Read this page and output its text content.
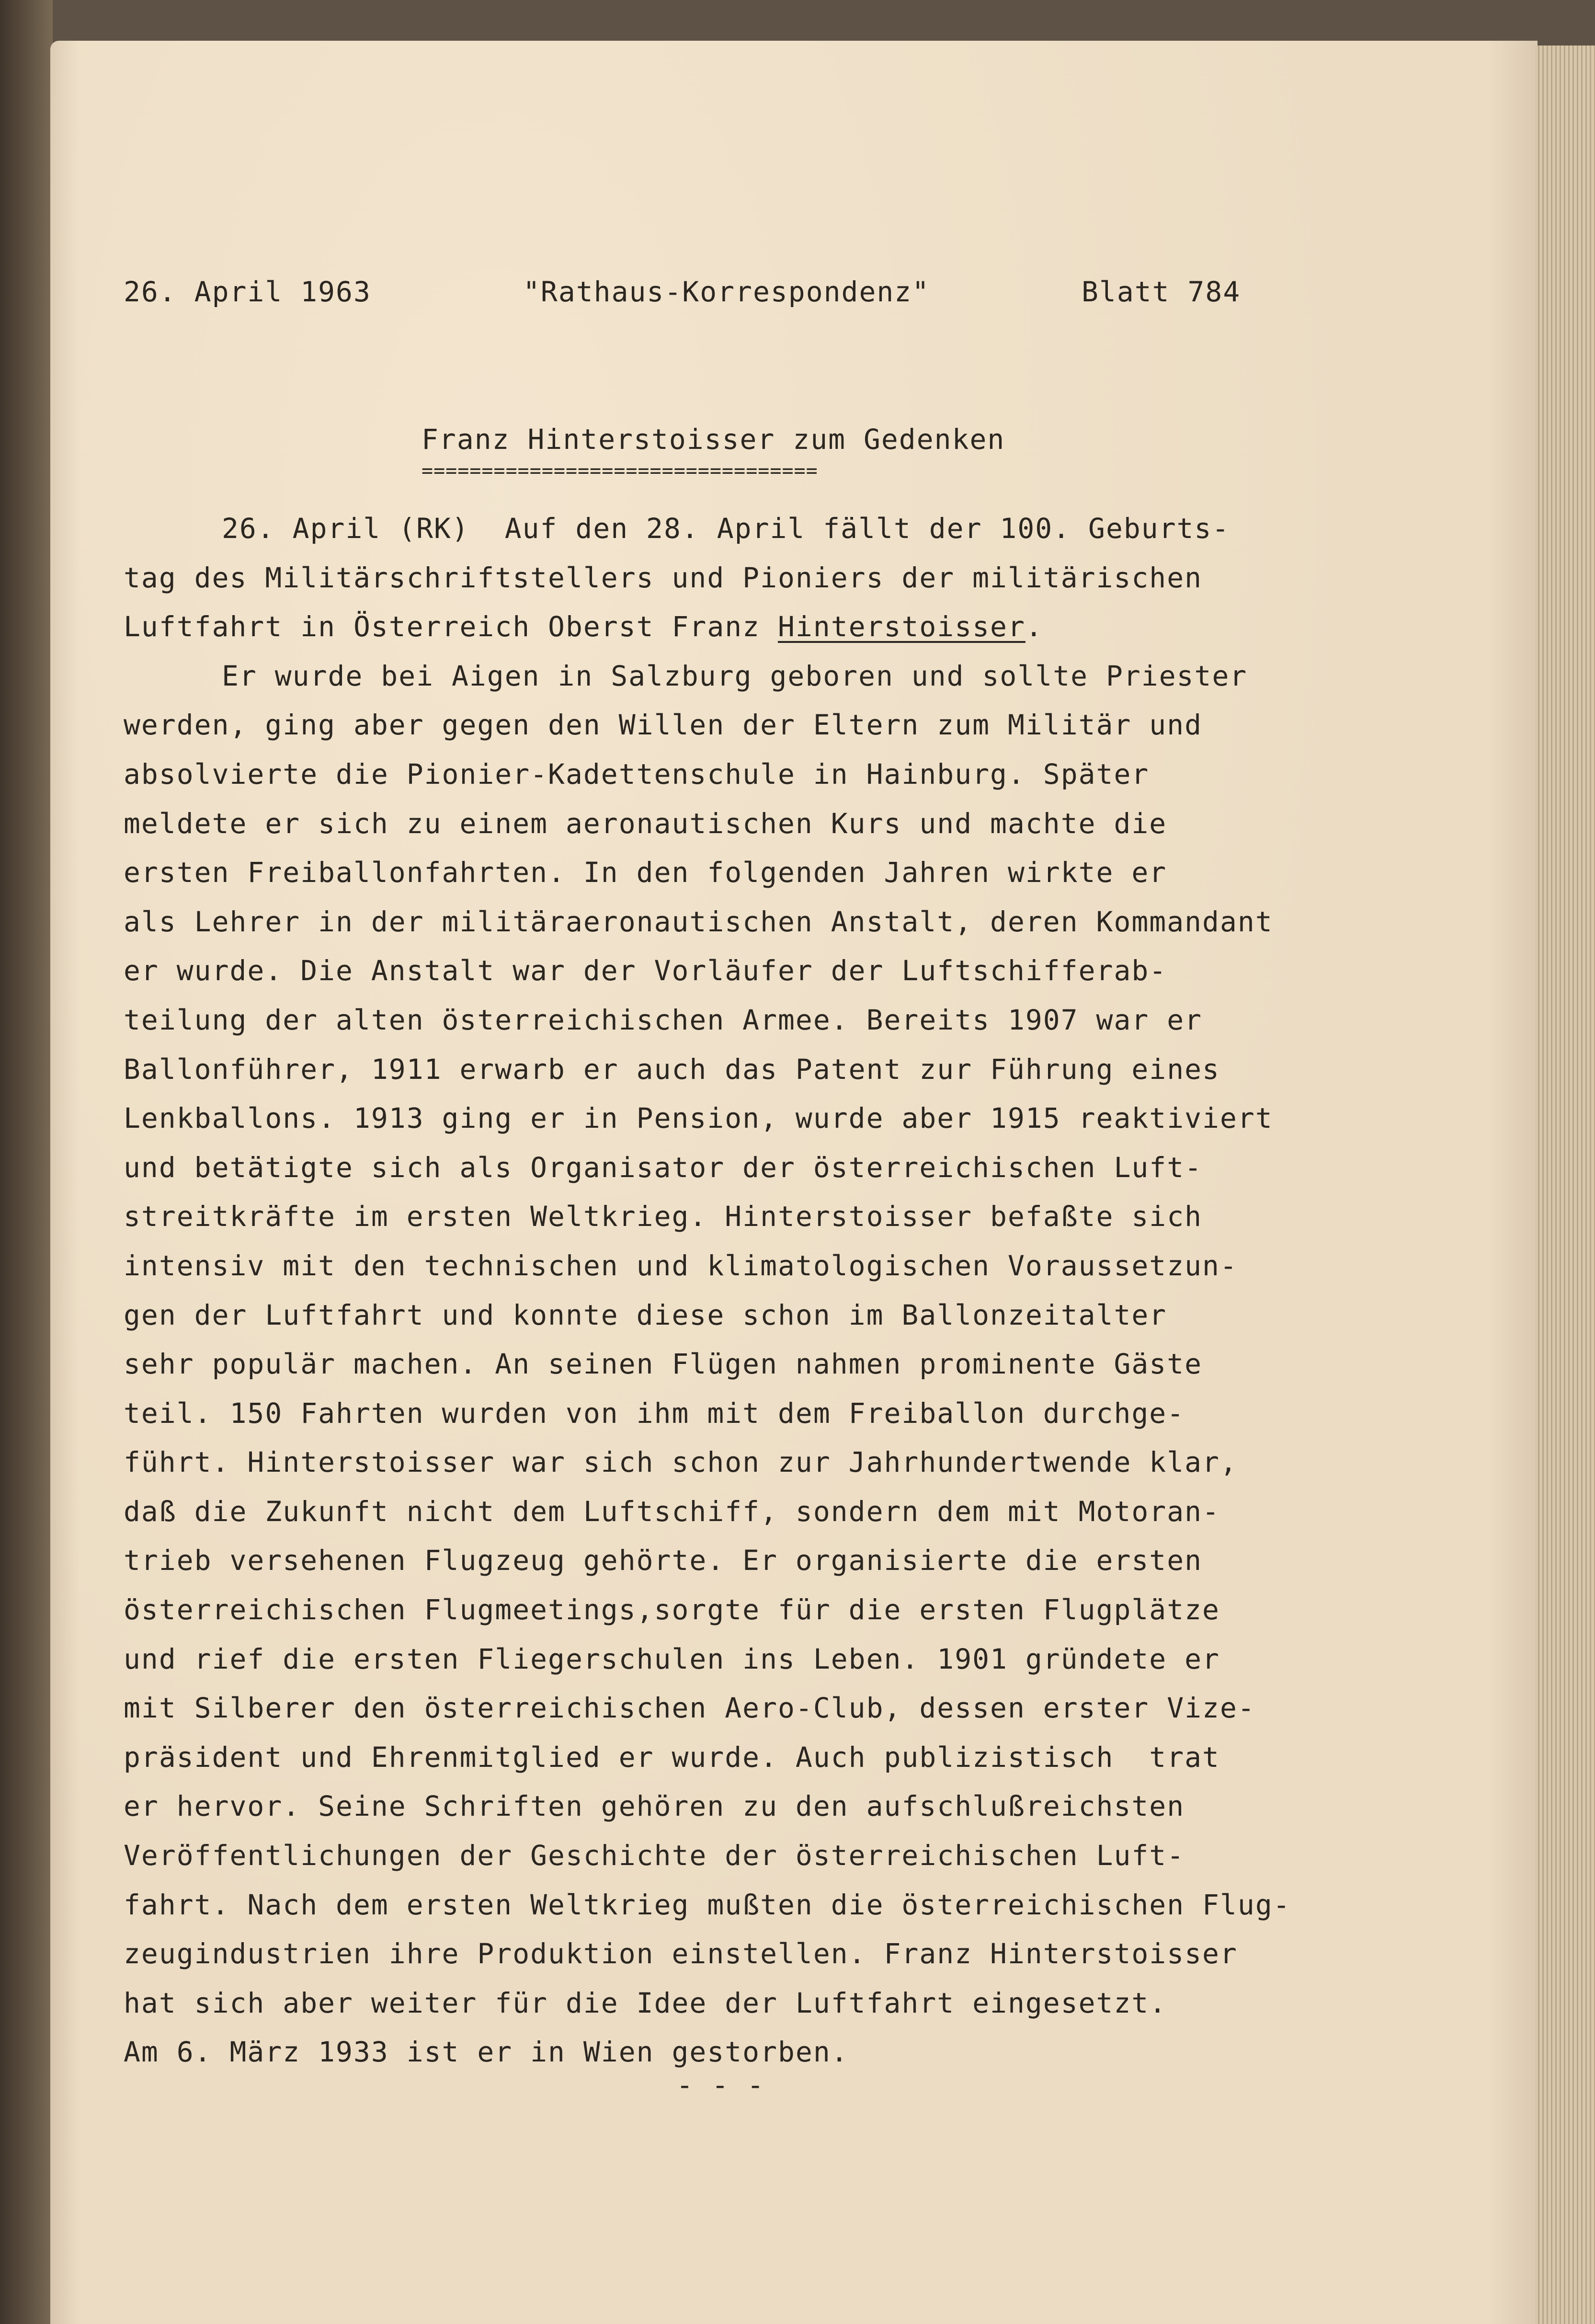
26. April 1963	"Rathaus-Korrespondenz"	Blatt 784
Franz Hinterstoisser zum Gedenken
=================================
26. April (RK)  Auf den 28. April fällt der 100. Geburts-
tag des Militärschriftstellers und Pioniers der militärischen
Luftfahrt in Österreich Oberst Franz Hinterstoisser.
Er wurde bei Aigen in Salzburg geboren und sollte Priester
werden, ging aber gegen den Willen der Eltern zum Militär und
absolvierte die Pionier-Kadettenschule in Hainburg. Später
meldete er sich zu einem aeronautischen Kurs und machte die
ersten Freiballonfahrten. In den folgenden Jahren wirkte er
als Lehrer in der militäraeronautischen Anstalt, deren Kommandant
er wurde. Die Anstalt war der Vorläufer der Luftschifferab-
teilung der alten österreichischen Armee. Bereits 1907 war er
Ballonführer, 1911 erwarb er auch das Patent zur Führung eines
Lenkballons. 1913 ging er in Pension, wurde aber 1915 reaktiviert
und betätigte sich als Organisator der österreichischen Luft-
streitkräfte im ersten Weltkrieg. Hinterstoisser befaßte sich
intensiv mit den technischen und klimatologischen Voraussetzun-
gen der Luftfahrt und konnte diese schon im Ballonzeitalter
sehr populär machen. An seinen Flügen nahmen prominente Gäste
teil. 150 Fahrten wurden von ihm mit dem Freiballon durchge-
führt. Hinterstoisser war sich schon zur Jahrhundertwende klar,
daß die Zukunft nicht dem Luftschiff, sondern dem mit Motoran-
trieb versehenen Flugzeug gehörte. Er organisierte die ersten
österreichischen Flugmeetings,sorgte für die ersten Flugplätze
und rief die ersten Fliegerschulen ins Leben. 1901 gründete er
mit Silberer den österreichischen Aero-Club, dessen erster Vize-
präsident und Ehrenmitglied er wurde. Auch publizistisch  trat
er hervor. Seine Schriften gehören zu den aufschlußreichsten
Veröffentlichungen der Geschichte der österreichischen Luft-
fahrt. Nach dem ersten Weltkrieg mußten die österreichischen Flug-
zeugindustrien ihre Produktion einstellen. Franz Hinterstoisser
hat sich aber weiter für die Idee der Luftfahrt eingesetzt.
Am 6. März 1933 ist er in Wien gestorben.
- - -
